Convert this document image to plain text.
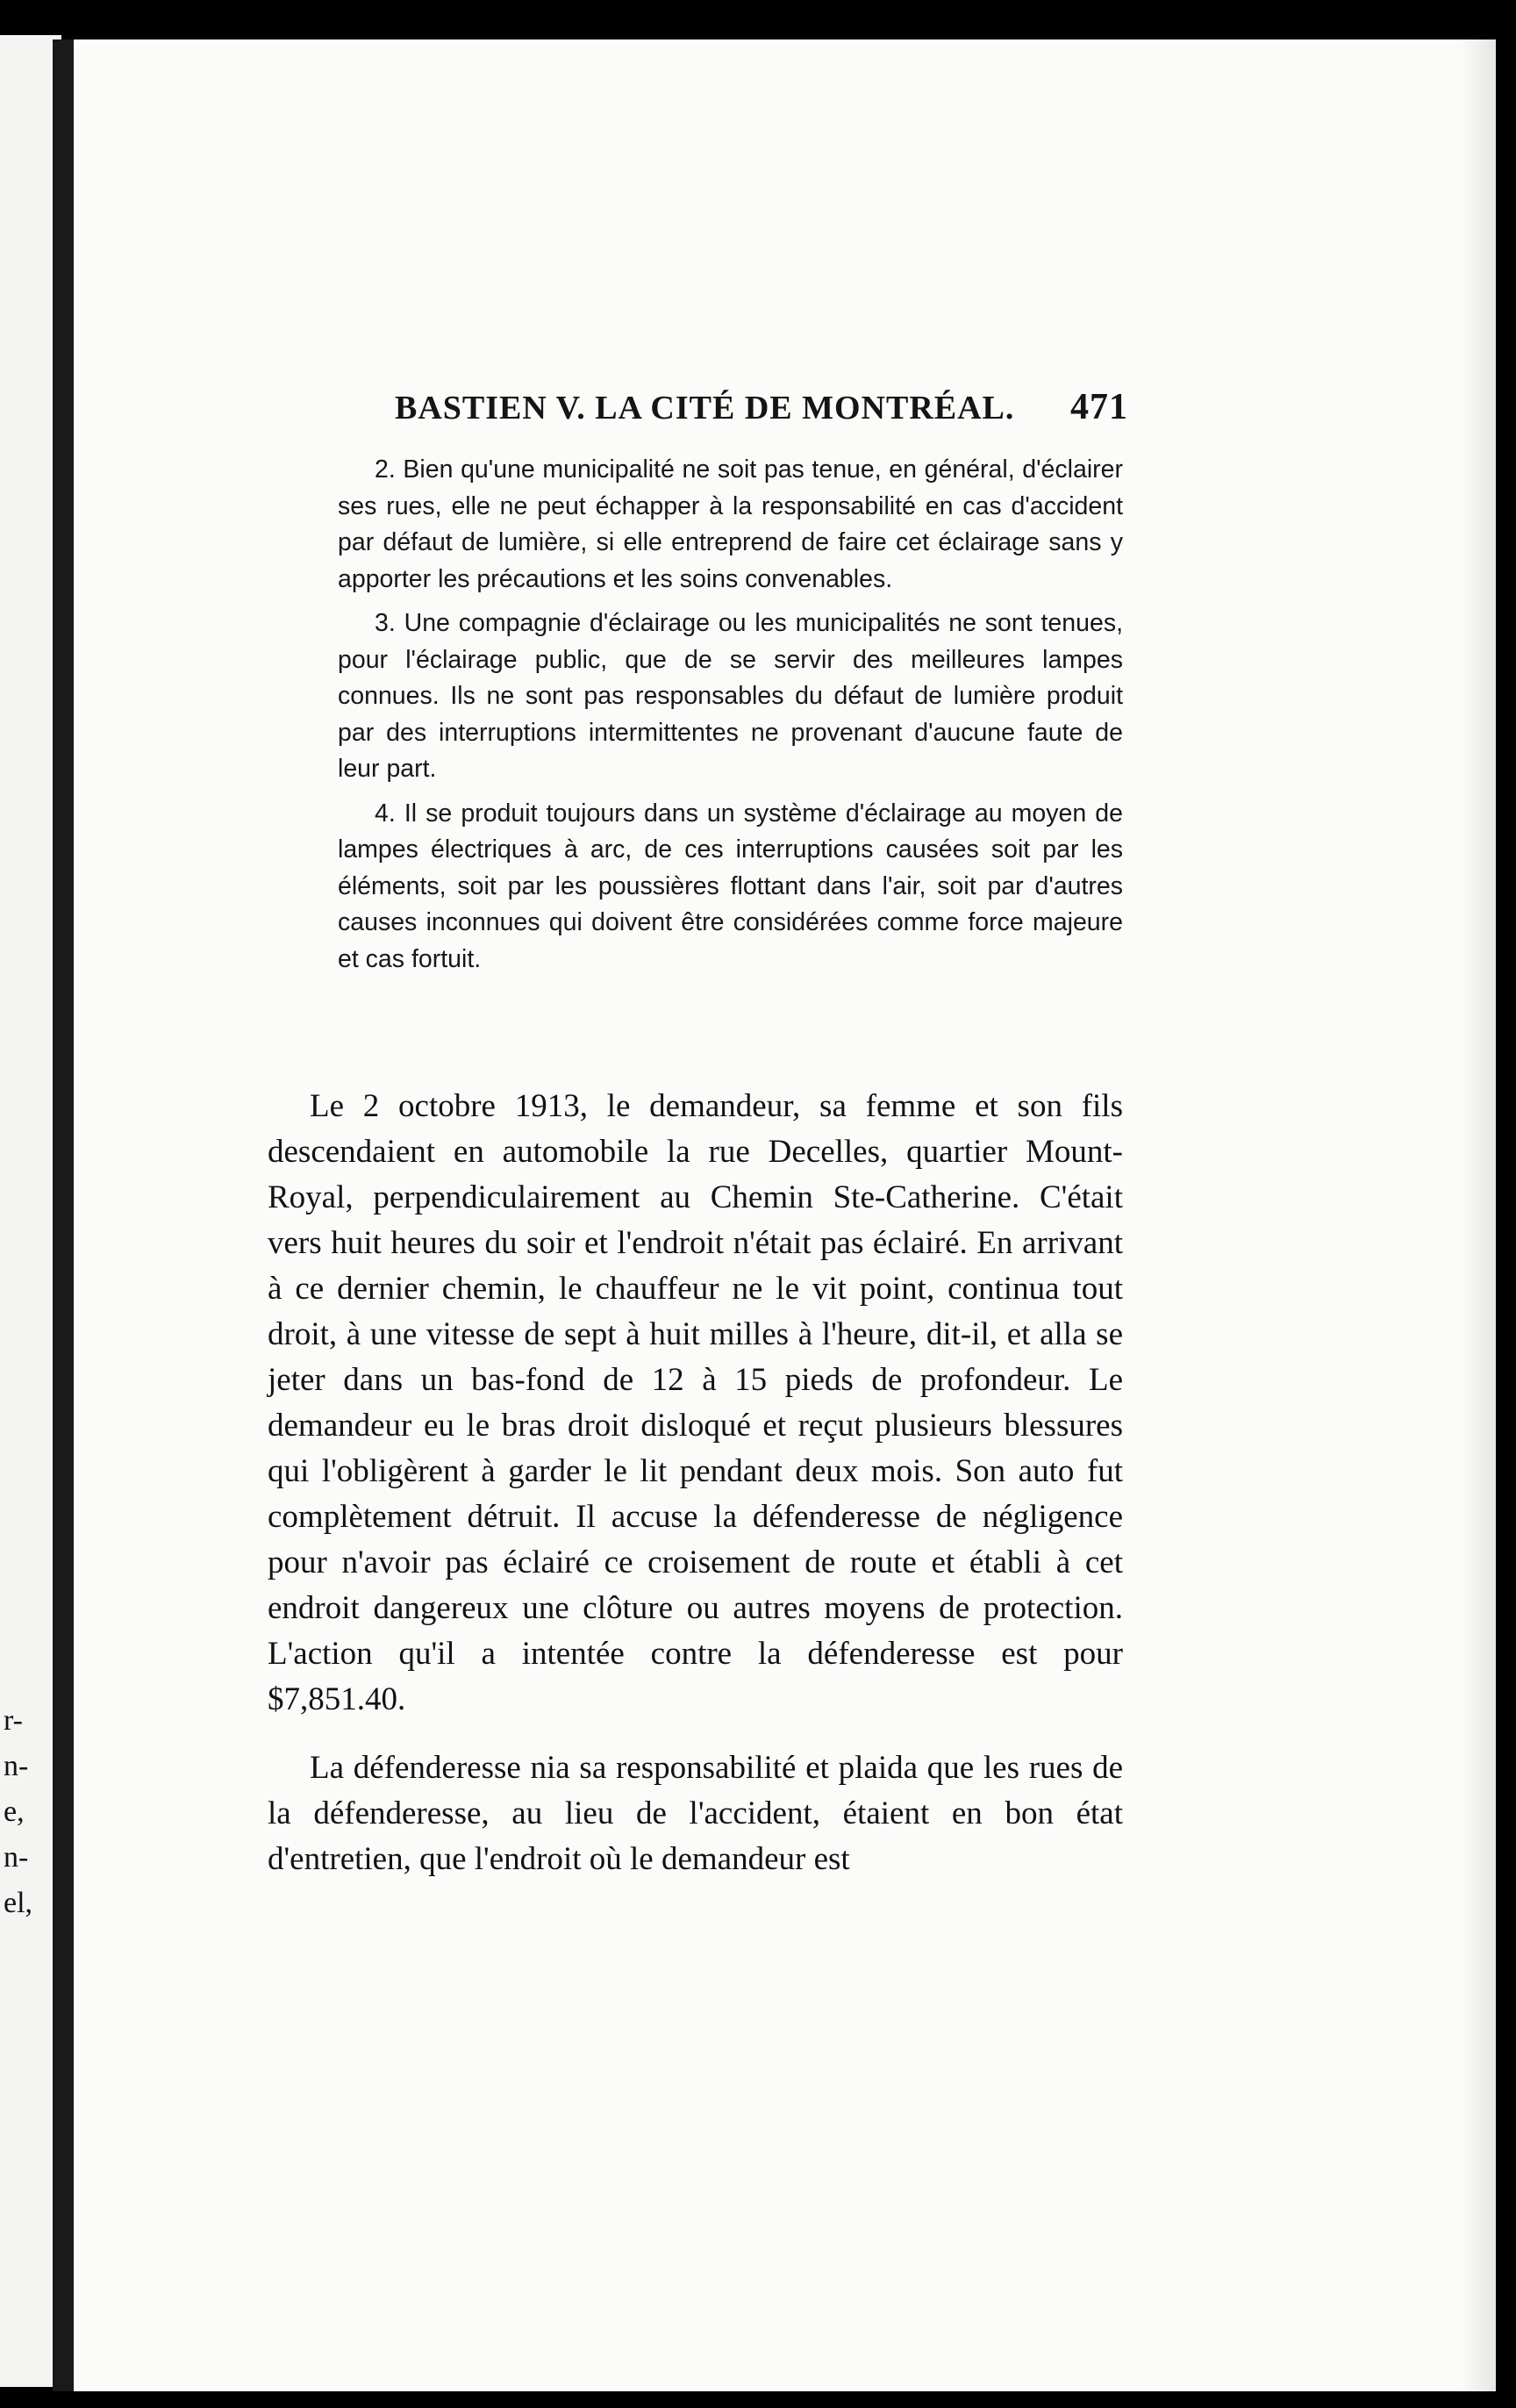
r-
n-
e,
n-
el,
BASTIEN V. LA CITÉ DE MONTRÉAL. 471

2. Bien qu'une municipalité ne soit pas tenue, en général, d'éclairer ses rues, elle ne peut échapper à la responsabilité en cas d'accident par défaut de lumière, si elle entreprend de faire cet éclairage sans y apporter les précautions et les soins convenables.

3. Une compagnie d'éclairage ou les municipalités ne sont tenues, pour l'éclairage public, que de se servir des meilleures lampes connues. Ils ne sont pas responsables du défaut de lumière produit par des interruptions intermittentes ne provenant d'aucune faute de leur part.

4. Il se produit toujours dans un système d'éclairage au moyen de lampes électriques à arc, de ces interruptions causées soit par les éléments, soit par les poussières flottant dans l'air, soit par d'autres causes inconnues qui doivent être considérées comme force majeure et cas fortuit.

Le 2 octobre 1913, le demandeur, sa femme et son fils descendaient en automobile la rue Decelles, quartier Mount-Royal, perpendiculairement au Chemin Ste-Catherine. C'était vers huit heures du soir et l'endroit n'était pas éclairé. En arrivant à ce dernier chemin, le chauffeur ne le vit point, continua tout droit, à une vitesse de sept à huit milles à l'heure, dit-il, et alla se jeter dans un bas-fond de 12 à 15 pieds de profondeur. Le demandeur eu le bras droit disloqué et reçut plusieurs blessures qui l'obligèrent à garder le lit pendant deux mois. Son auto fut complètement détruit. Il accuse la défenderesse de négligence pour n'avoir pas éclairé ce croisement de route et établi à cet endroit dangereux une clôture ou autres moyens de protection. L'action qu'il a intentée contre la défenderesse est pour $7,851.40.

La défenderesse nia sa responsabilité et plaida que les rues de la défenderesse, au lieu de l'accident, étaient en bon état d'entretien, que l'endroit où le demandeur est
